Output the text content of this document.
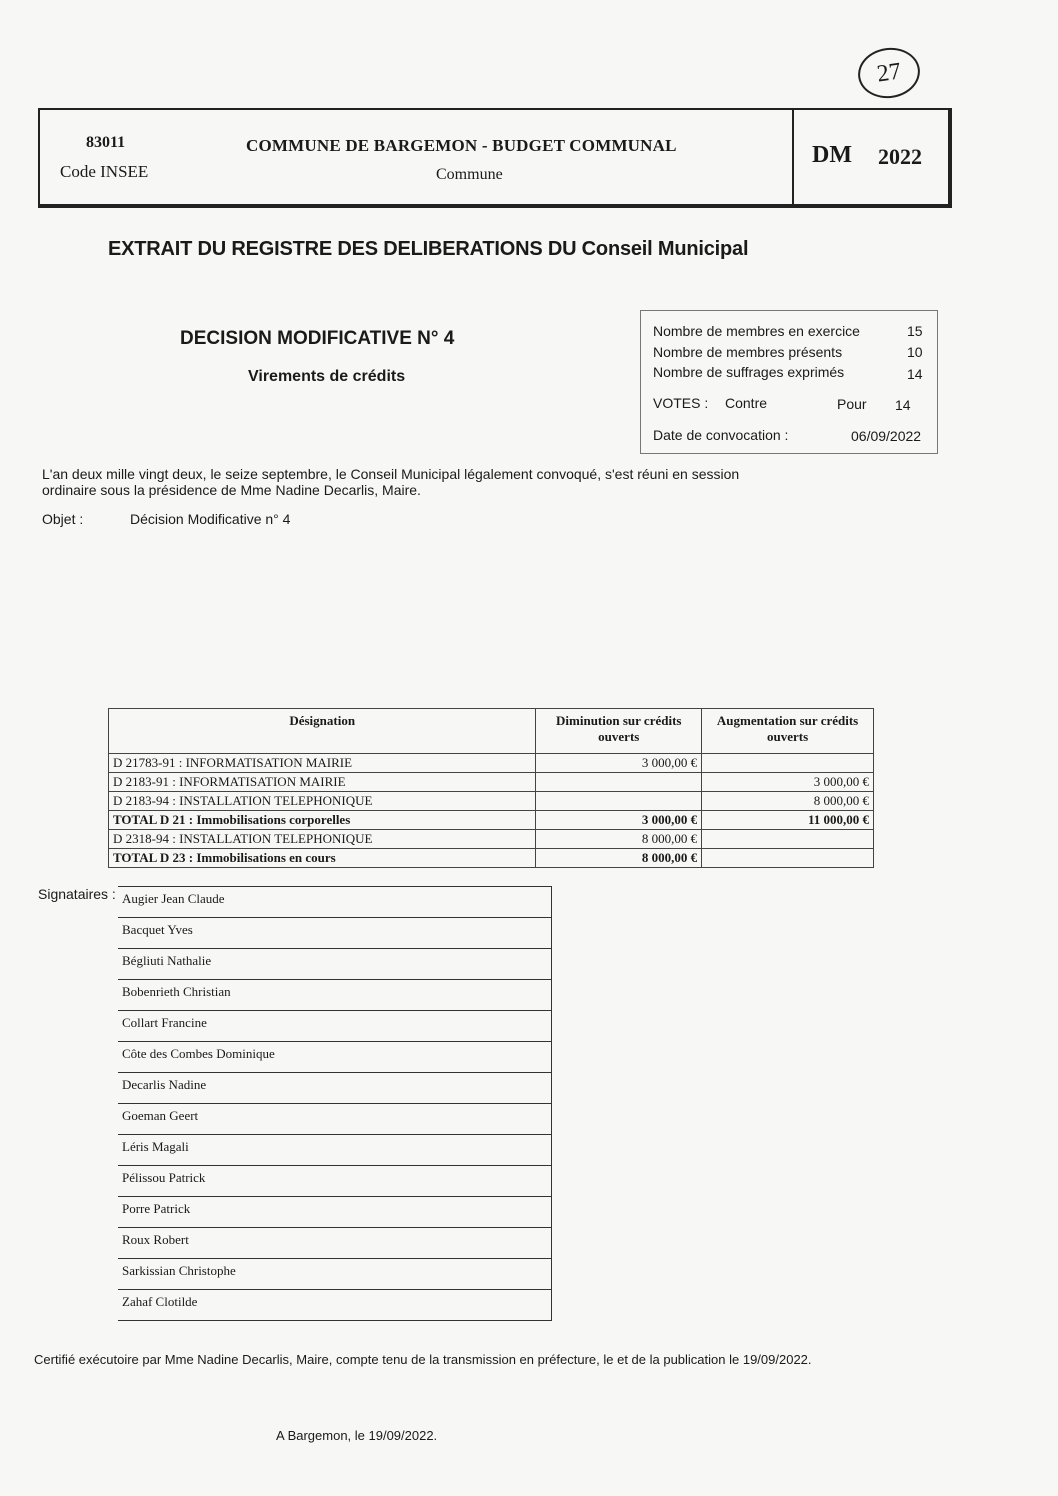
27
83011
Code INSEE
COMMUNE DE BARGEMON - BUDGET COMMUNAL
Commune
DM 2022
EXTRAIT DU REGISTRE DES DELIBERATIONS DU Conseil Municipal
DECISION MODIFICATIVE N° 4
Virements de crédits
Nombre de membres en exercice	15
Nombre de membres présents	10
Nombre de suffrages exprimés	14
VOTES : Contre	Pour 14
Date de convocation :	06/09/2022
L'an deux mille vingt deux, le seize septembre, le Conseil Municipal légalement convoqué, s'est réuni en session ordinaire sous la présidence de Mme Nadine Decarlis, Maire.
Objet :	Décision Modificative n° 4
Désignation	Diminution sur crédits ouverts	Augmentation sur crédits ouverts
D 21783-91 : INFORMATISATION MAIRIE	3 000,00 €	
D 2183-91 : INFORMATISATION MAIRIE		3 000,00 €
D 2183-94 : INSTALLATION TELEPHONIQUE		8 000,00 €
TOTAL D 21 : Immobilisations corporelles	3 000,00 €	11 000,00 €
D 2318-94 : INSTALLATION TELEPHONIQUE	8 000,00 €	
TOTAL D 23 : Immobilisations en cours	8 000,00 €	
Signataires : Augier Jean Claude
Bacquet Yves
Bégliuti Nathalie
Bobenrieth Christian
Collart Francine
Côte des Combes Dominique
Decarlis Nadine
Goeman Geert
Léris Magali
Pélissou Patrick
Porre Patrick
Roux Robert
Sarkissian Christophe
Zahaf Clotilde
Certifié exécutoire par Mme Nadine Decarlis, Maire, compte tenu de la transmission en préfecture, le et de la publication le 19/09/2022.
A Bargemon, le 19/09/2022.
